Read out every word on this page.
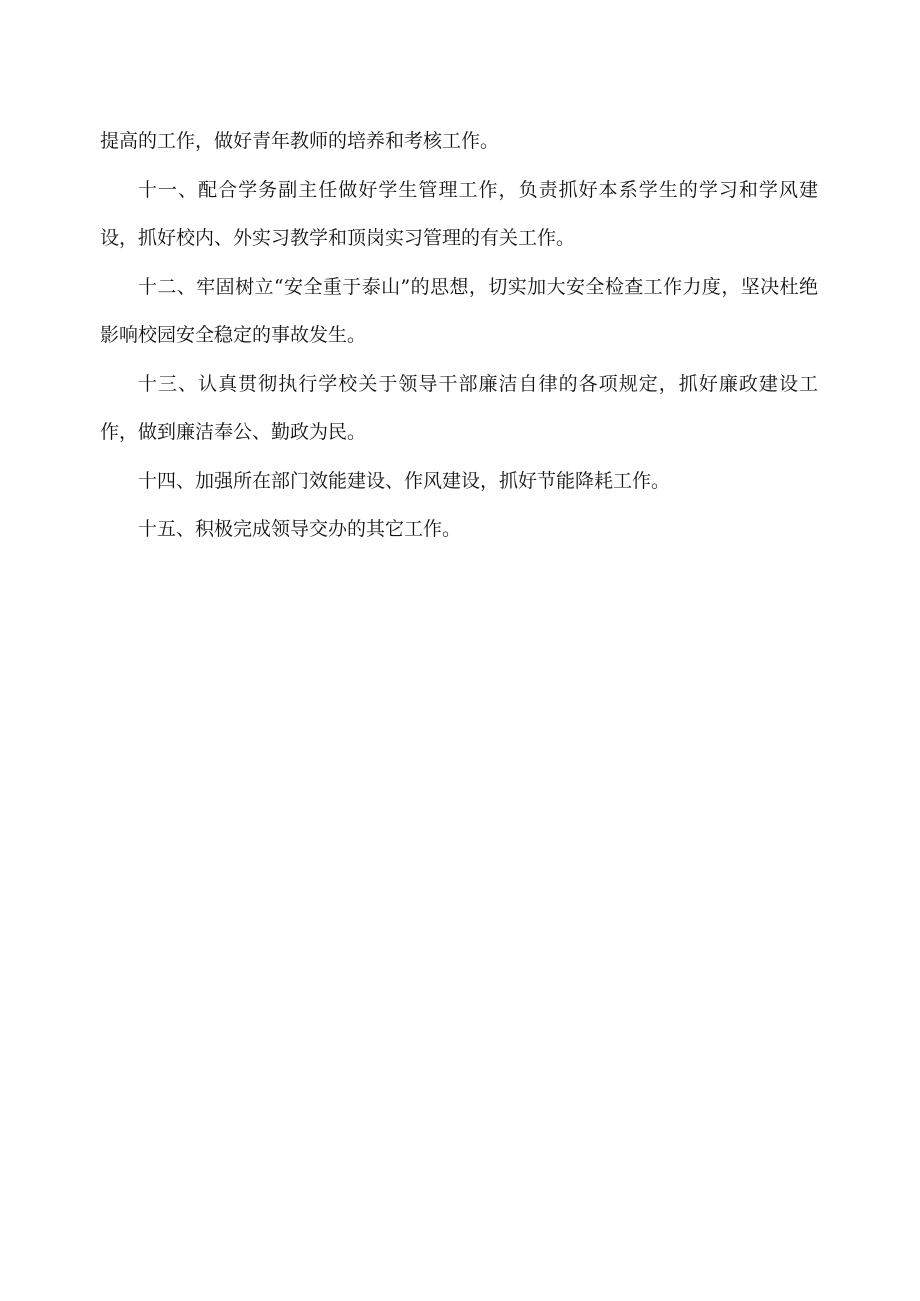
提高的工作，做好青年教师的培养和考核工作。

十一、配合学务副主任做好学生管理工作，负责抓好本系学生的学习和学风建设，抓好校内、外实习教学和顶岗实习管理的有关工作。

十二、牢固树立“安全重于泰山”的思想，切实加大安全检查工作力度，坚决杜绝影响校园安全稳定的事故发生。

十三、认真贯彻执行学校关于领导干部廉洁自律的各项规定，抓好廉政建设工作，做到廉洁奉公、勤政为民。

十四、加强所在部门效能建设、作风建设，抓好节能降耗工作。

十五、积极完成领导交办的其它工作。
